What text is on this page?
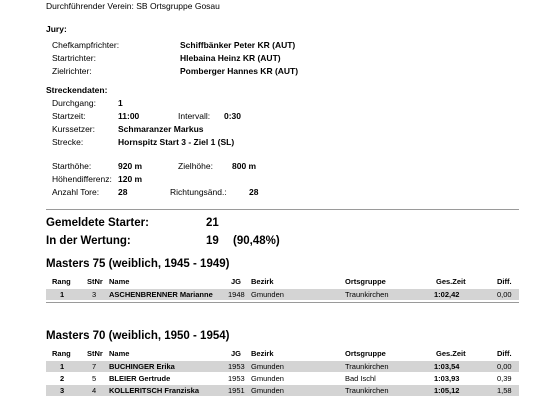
Durchführender Verein: SB Ortsgruppe Gosau
Jury:
Chefkampfrichter:	Schiffbänker Peter KR (AUT)
Startrichter:	Hlebaina Heinz KR (AUT)
Zielrichter:	Pomberger Hannes KR (AUT)
Streckendaten:
Durchgang:	1
Startzeit:	11:00	Intervall: 0:30
Kurssetzer:	Schmaranzer Markus
Strecke:	Hornspitz Start 3 - Ziel 1 (SL)
Starthöhe:	920 m	Zielhöhe: 800 m
Höhendifferenz: 120 m
Anzahl Tore: 28	Richtungsänd.:	28
Gemeldete Starter:	21
In der Wertung:	19 (90,48%)
Masters 75 (weiblich, 1945 - 1949)
Rang StNr Name	JG Bezirk	Ortsgruppe	Ges.Zeit	Diff.
1	3 ASCHENBRENNER Marianne 1948 Gmunden	Traunkirchen	1:02,42	0,00
Masters 70 (weiblich, 1950 - 1954)
Rang StNr Name	JG Bezirk	Ortsgruppe	Ges.Zeit	Diff.
1	7 BUCHINGER Erika	1953 Gmunden	Traunkirchen	1:03,54	0,00
2	5 BLEIER Gertrude	1953 Gmunden	Bad Ischl	1:03,93	0,39
3	4 KOLLERITSCH Franziska	1951 Gmunden	Traunkirchen	1:05,12	1,58
